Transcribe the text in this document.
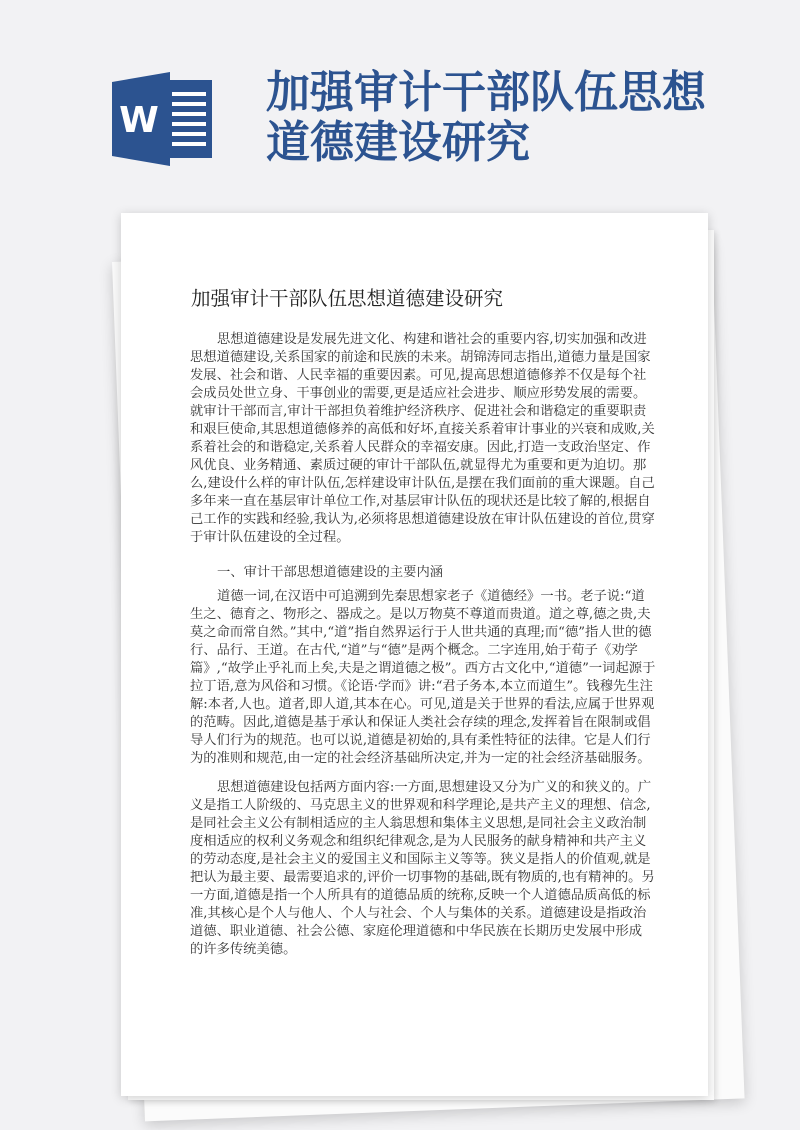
W
加强审计干部队伍思想
道德建设研究
加强审计干部队伍思想道德建设研究
思想道德建设是发展先进文化、构建和谐社会的重要内容,切实加强和改进
思想道德建设,关系国家的前途和民族的未来。胡锦涛同志指出,道德力量是国家
发展、社会和谐、人民幸福的重要因素。可见,提高思想道德修养不仅是每个社
会成员处世立身、干事创业的需要,更是适应社会进步、顺应形势发展的需要。
就审计干部而言,审计干部担负着维护经济秩序、促进社会和谐稳定的重要职责
和艰巨使命,其思想道德修养的高低和好坏,直接关系着审计事业的兴衰和成败,关
系着社会的和谐稳定,关系着人民群众的幸福安康。因此,打造一支政治坚定、作
风优良、业务精通、素质过硬的审计干部队伍,就显得尤为重要和更为迫切。那
么,建设什么样的审计队伍,怎样建设审计队伍,是摆在我们面前的重大课题。自己
多年来一直在基层审计单位工作,对基层审计队伍的现状还是比较了解的,根据自
己工作的实践和经验,我认为,必须将思想道德建设放在审计队伍建设的首位,贯穿
于审计队伍建设的全过程。
一、审计干部思想道德建设的主要内涵
道德一词,在汉语中可追溯到先秦思想家老子《道德经》一书。老子说:“道
生之、德育之、物形之、器成之。是以万物莫不尊道而贵道。道之尊,德之贵,夫
莫之命而常自然。”其中,“道”指自然界运行于人世共通的真理;而“德”指人世的德
行、品行、王道。在古代,“道”与“德”是两个概念。二字连用,始于荀子《劝学
篇》,“故学止乎礼而上矣,夫是之谓道德之极”。西方古文化中,“道德”一词起源于
拉丁语,意为风俗和习惯。《论语·学而》讲:“君子务本,本立而道生”。钱穆先生注
解:本者,人也。道者,即人道,其本在心。可见,道是关于世界的看法,应属于世界观
的范畴。因此,道德是基于承认和保证人类社会存续的理念,发挥着旨在限制或倡
导人们行为的规范。也可以说,道德是初始的,具有柔性特征的法律。它是人们行
为的准则和规范,由一定的社会经济基础所决定,并为一定的社会经济基础服务。
思想道德建设包括两方面内容:一方面,思想建设又分为广义的和狭义的。广
义是指工人阶级的、马克思主义的世界观和科学理论,是共产主义的理想、信念,
是同社会主义公有制相适应的主人翁思想和集体主义思想,是同社会主义政治制
度相适应的权利义务观念和组织纪律观念,是为人民服务的献身精神和共产主义
的劳动态度,是社会主义的爱国主义和国际主义等等。狭义是指人的价值观,就是
把认为最主要、最需要追求的,评价一切事物的基础,既有物质的,也有精神的。另
一方面,道德是指一个人所具有的道德品质的统称,反映一个人道德品质高低的标
准,其核心是个人与他人、个人与社会、个人与集体的关系。道德建设是指政治
道德、职业道德、社会公德、家庭伦理道德和中华民族在长期历史发展中形成
的许多传统美德。
